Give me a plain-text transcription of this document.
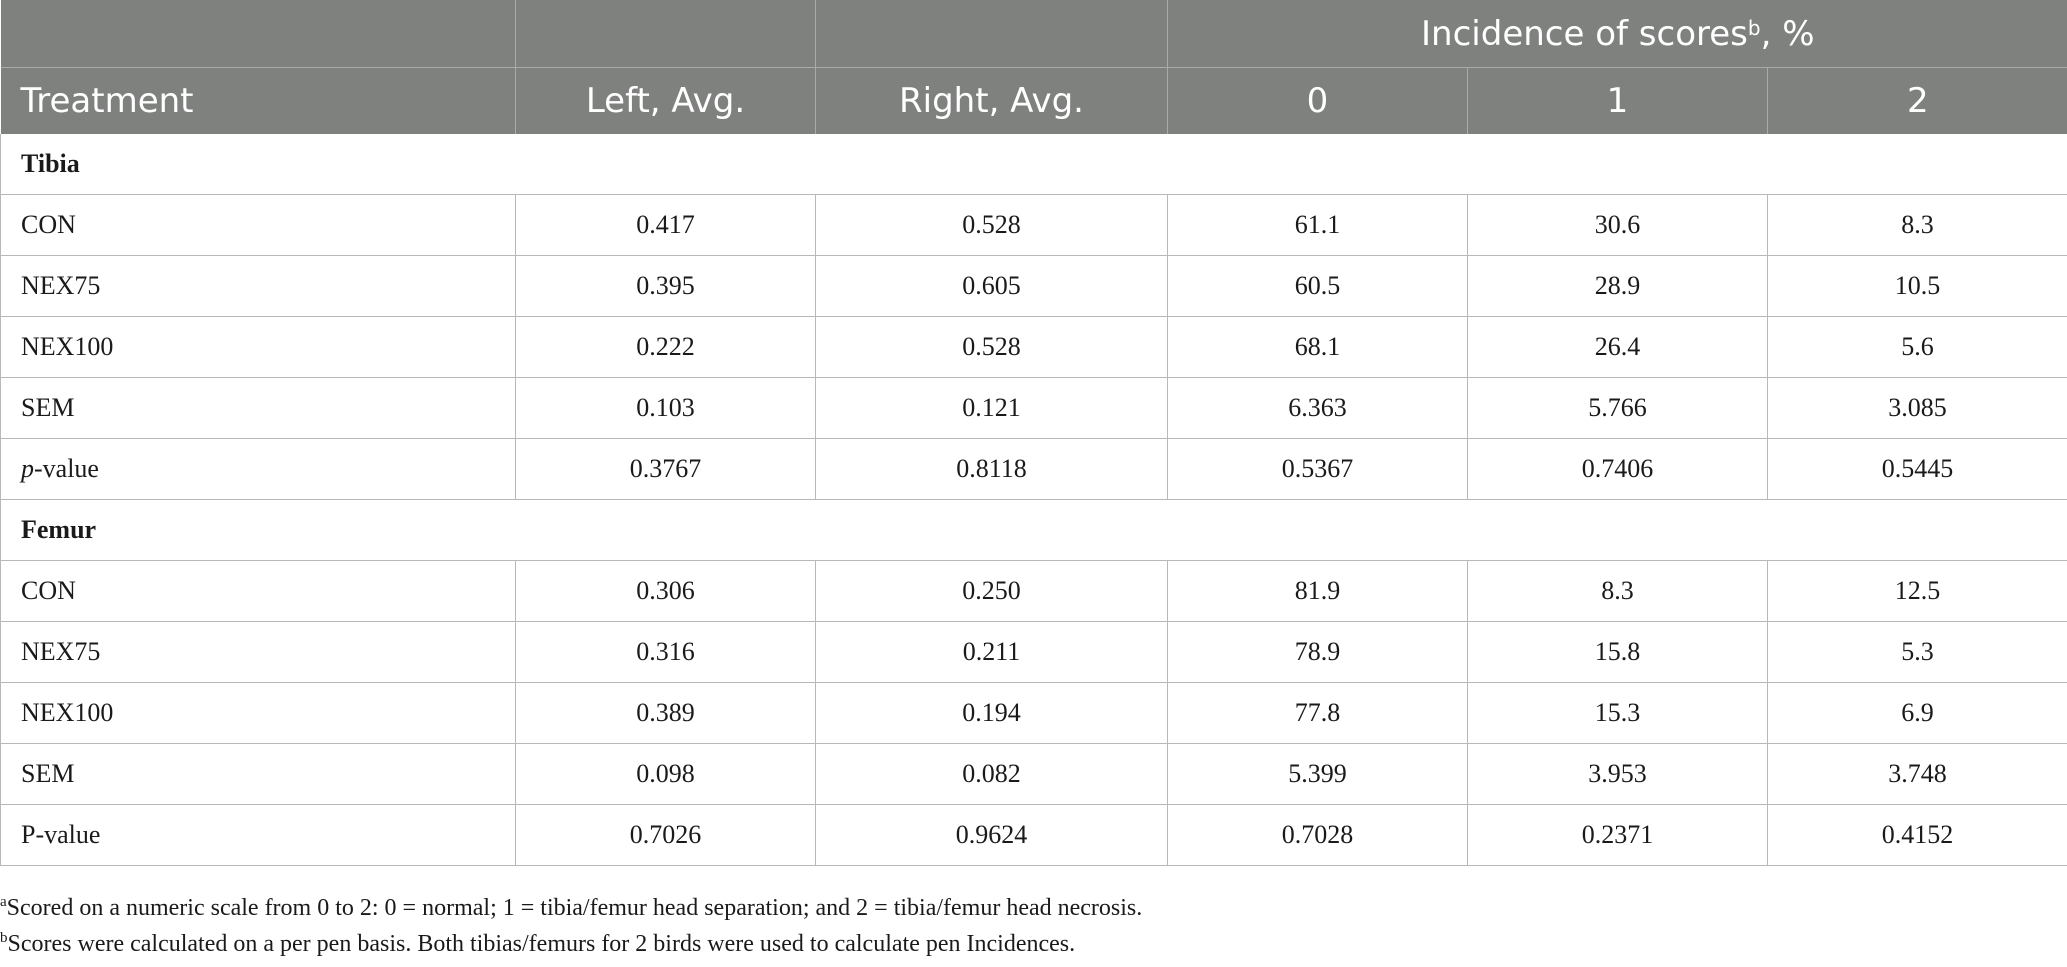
			Incidence of scores$^b$, %		
Treatment	Left, Avg.	Right, Avg.	0	1	2
Tibia					
CON	0.417	0.528	61.1	30.6	8.3
NEX75	0.395	0.605	60.5	28.9	10.5
NEX100	0.222	0.528	68.1	26.4	5.6
SEM	0.103	0.121	6.363	5.766	3.085
p-value	0.3767	0.8118	0.5367	0.7406	0.5445
Femur					
CON	0.306	0.250	81.9	8.3	12.5
NEX75	0.316	0.211	78.9	15.8	5.3
NEX100	0.389	0.194	77.8	15.3	6.9
SEM	0.098	0.082	5.399	3.953	3.748
P-value	0.7026	0.9624	0.7028	0.2371	0.4152
$^a$Scored on a numeric scale from 0 to 2: 0 = normal; 1 = tibia/femur head separation; and 2 = tibia/femur head necrosis.
$^b$Scores were calculated on a per pen basis. Both tibias/femurs for 2 birds were used to calculate pen Incidences.
